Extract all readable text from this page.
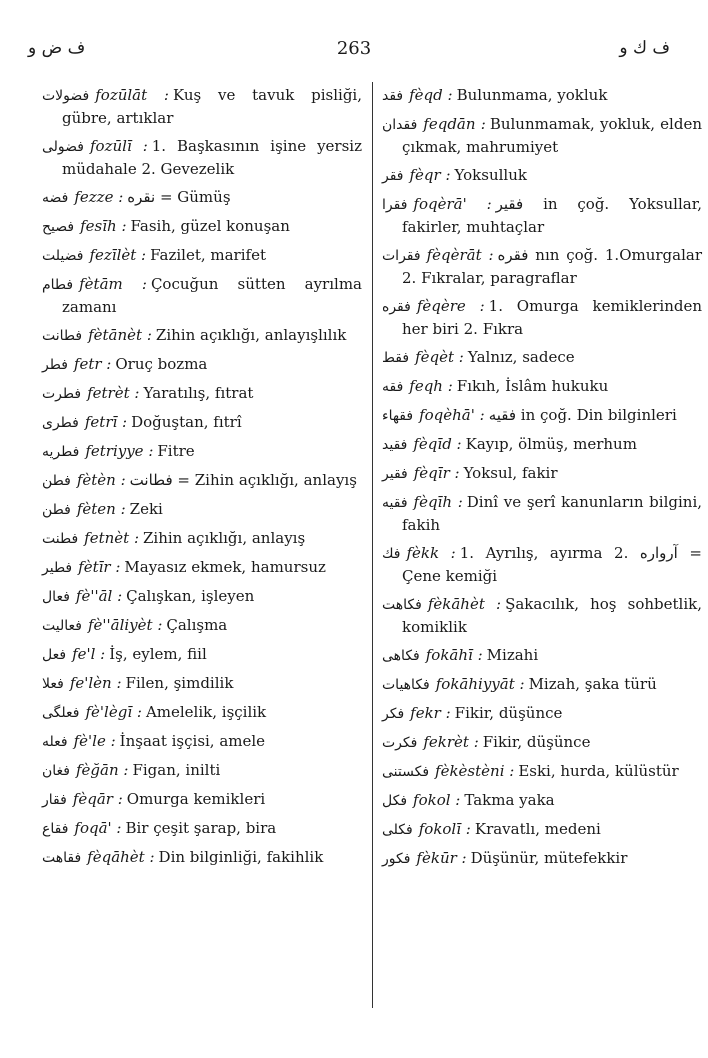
ف ض و	263	ف ك و
فضولات fozūlāt : Kuş ve tavuk pisliği, gübre, artıklar
فضولی fozūlī : 1. Başkasının işine yersiz müdahale 2. Gevezelik
فضه fezze : نقره = Gümüş
فصيح fesīh : Fasih, güzel konuşan
فضيلت fezīlèt : Fazilet, marifet
فطام fètām : Çocuğun sütten ayrılma zamanı
فطانت fètānèt : Zihin açıklığı, anlayışlılık
فطر fetr : Oruç bozma
فطرت fetrèt : Yaratılış, fıtrat
فطری fetrī : Doğuştan, fıtrî
فطريه fetriyye : Fitre
فطن fètèn : فطانت = Zihin açıklığı, anlayış
فطن fèten : Zeki
فطنت fetnèt : Zihin açıklığı, anlayış
فطير fètīr : Mayasız ekmek, hamursuz
فعال fè''āl : Çalışkan, işleyen
فعاليت fè''āliyèt : Çalışma
فعل fe'l : İş, eylem, fiil
فعلا fe'lèn : Filen, şimdilik
فعلگی fè'lègī : Amelelik, işçilik
فعله fè'le : İnşaat işçisi, amele
فغان fèğān : Figan, inilti
فقار fèqār : Omurga kemikleri
فقاع foqā' : Bir çeşit şarap, bira
فقاهت fèqāhèt : Din bilginliği, fakihlik
فقد fèqd : Bulunmama, yokluk
فقدان feqdān : Bulunmamak, yokluk, elden çıkmak, mahrumiyet
فقر fèqr : Yoksulluk
فقرا foqèrā' : فقير in çoğ. Yoksullar, fakirler, muhtaçlar
فقرات fèqèrāt : فقره nın çoğ. 1.Omurgalar 2. Fıkralar, paragraflar
فقره fèqère : 1. Omurga kemiklerinden her biri 2. Fıkra
فقط fèqèt : Yalnız, sadece
فقه feqh : Fıkıh, İslâm hukuku
فقهاء foqèhā' : فقيه in çoğ. Din bilginleri
فقيد fèqīd : Kayıp, ölmüş, merhum
فقير fèqīr : Yoksul, fakir
فقيه fèqīh : Dinî ve şerî kanunların bilgini, fakih
فك fèkk : 1. Ayrılış, ayırma 2. آرواره = Çene kemiği
فكاهت fèkāhèt : Şakacılık, hoş sohbetlik, komiklik
فكاهی fokāhī : Mizahi
فكاهيات fokāhiyyāt : Mizah, şaka türü
فكر fekr : Fikir, düşünce
فكرت fekrèt : Fikir, düşünce
فكستنى fèkèstèni : Eski, hurda, külüstür
فكل fokol : Takma yaka
فكلی fokolī : Kravatlı, medeni
فكور fèkūr : Düşünür, mütefekkir
